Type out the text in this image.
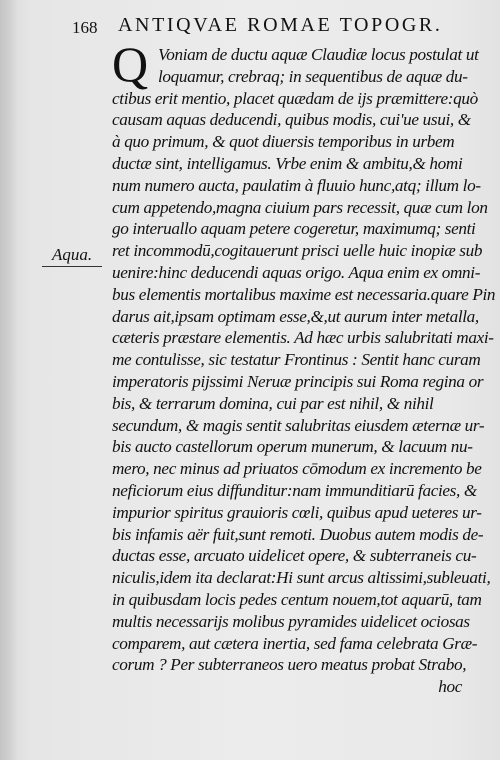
168 ANTIQVAE ROMAE TOPOGR.
Q
Aqua.
Voniam de ductu aquæ Claudiæ locus postulat ut
loquamur, crebraq; in sequentibus de aquæ du-
ctibus erit mentio, placet quædam de ijs præmittere:quò
causam aquas deducendi, quibus modis, cui'ue usui, &
à quo primum, & quot diuersis temporibus in urbem
ductæ sint, intelligamus. Vrbe enim & ambitu,& homi
num numero aucta, paulatim à fluuio hunc,atq; illum lo-
cum appetendo,magna ciuium pars recessit, quæ cum lon
go interuallo aquam petere cogeretur, maximumq; senti
ret incommodū,cogitauerunt prisci uelle huic inopiæ sub
uenire:hinc deducendi aquas origo. Aqua enim ex omni-
bus elementis mortalibus maxime est necessaria.quare Pin
darus ait,ipsam optimam esse,&,ut aurum inter metalla,
cæteris præstare elementis. Ad hæc urbis salubritati maxi-
me contulisse, sic testatur Frontinus : Sentit hanc curam
imperatoris pijssimi Neruæ principis sui Roma regina or
bis, & terrarum domina, cui par est nihil, & nihil
secundum, & magis sentit salubritas eiusdem æternæ ur-
bis aucto castellorum operum munerum, & lacuum nu-
mero, nec minus ad priuatos cōmodum ex incremento be
neficiorum eius diffunditur:nam immunditiarū facies, &
impurior spiritus grauioris cœli, quibus apud ueteres ur-
bis infamis aër fuit,sunt remoti. Duobus autem modis de-
ductas esse, arcuato uidelicet opere, & subterraneis cu-
niculis,idem ita declarat:Hi sunt arcus altissimi,subleuati,
in quibusdam locis pedes centum nouem,tot aquarū, tam
multis necessarijs molibus pyramides uidelicet ociosas
comparem, aut cætera inertia, sed fama celebrata Græ-
corum ? Per subterraneos uero meatus probat Strabo,
hoc
